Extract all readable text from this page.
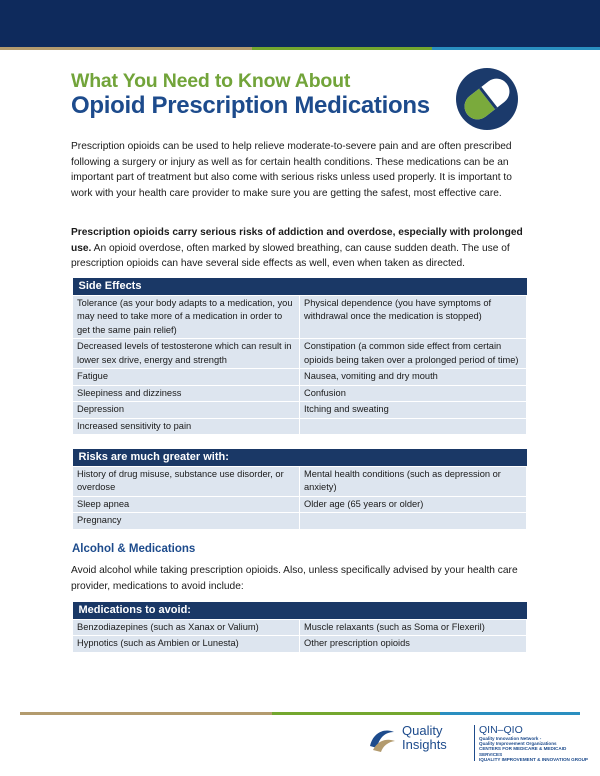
What You Need to Know About
Opioid Prescription Medications

Prescription opioids can be used to help relieve moderate-to-severe pain and are often prescribed following a surgery or injury as well as for certain health conditions. These medications can be an important part of treatment but also come with serious risks unless used properly. It is important to work with your health care provider to make sure you are getting the safest, most effective care.

Prescription opioids carry serious risks of addiction and overdose, especially with prolonged use. An opioid overdose, often marked by slowed breathing, can cause sudden death. The use of prescription opioids can have several side effects as well, even when taken as directed.

Side Effects	
Tolerance (as your body adapts to a medication, you may need to take more of a medication in order to get the same pain relief)	Physical dependence (you have symptoms of withdrawal once the medication is stopped)
Decreased levels of testosterone which can result in lower sex drive, energy and strength	Constipation (a common side effect from certain opioids being taken over a prolonged period of time)
Fatigue	Nausea, vomiting and dry mouth
Sleepiness and dizziness	Confusion
Depression	Itching and sweating
Increased sensitivity to pain	
Risks are much greater with:	
History of drug misuse, substance use disorder, or overdose	Mental health conditions (such as depression or anxiety)
Sleep apnea	Older age (65 years or older)
Pregnancy	
Alcohol & Medications

Avoid alcohol while taking prescription opioids. Also, unless specifically advised by your health care provider, medications to avoid include:

Medications to avoid:	
Benzodiazepines (such as Xanax or Valium)	Muscle relaxants (such as Soma or Flexeril)
Hypnotics (such as Ambien or Lunesta)	Other prescription opioids
Quality
Insights
QIN–QIO
Quality Innovation Network -
Quality Improvement Organizations
CENTERS FOR MEDICARE & MEDICAID SERVICES
IQUALITY IMPROVEMENT & INNOVATION GROUP
